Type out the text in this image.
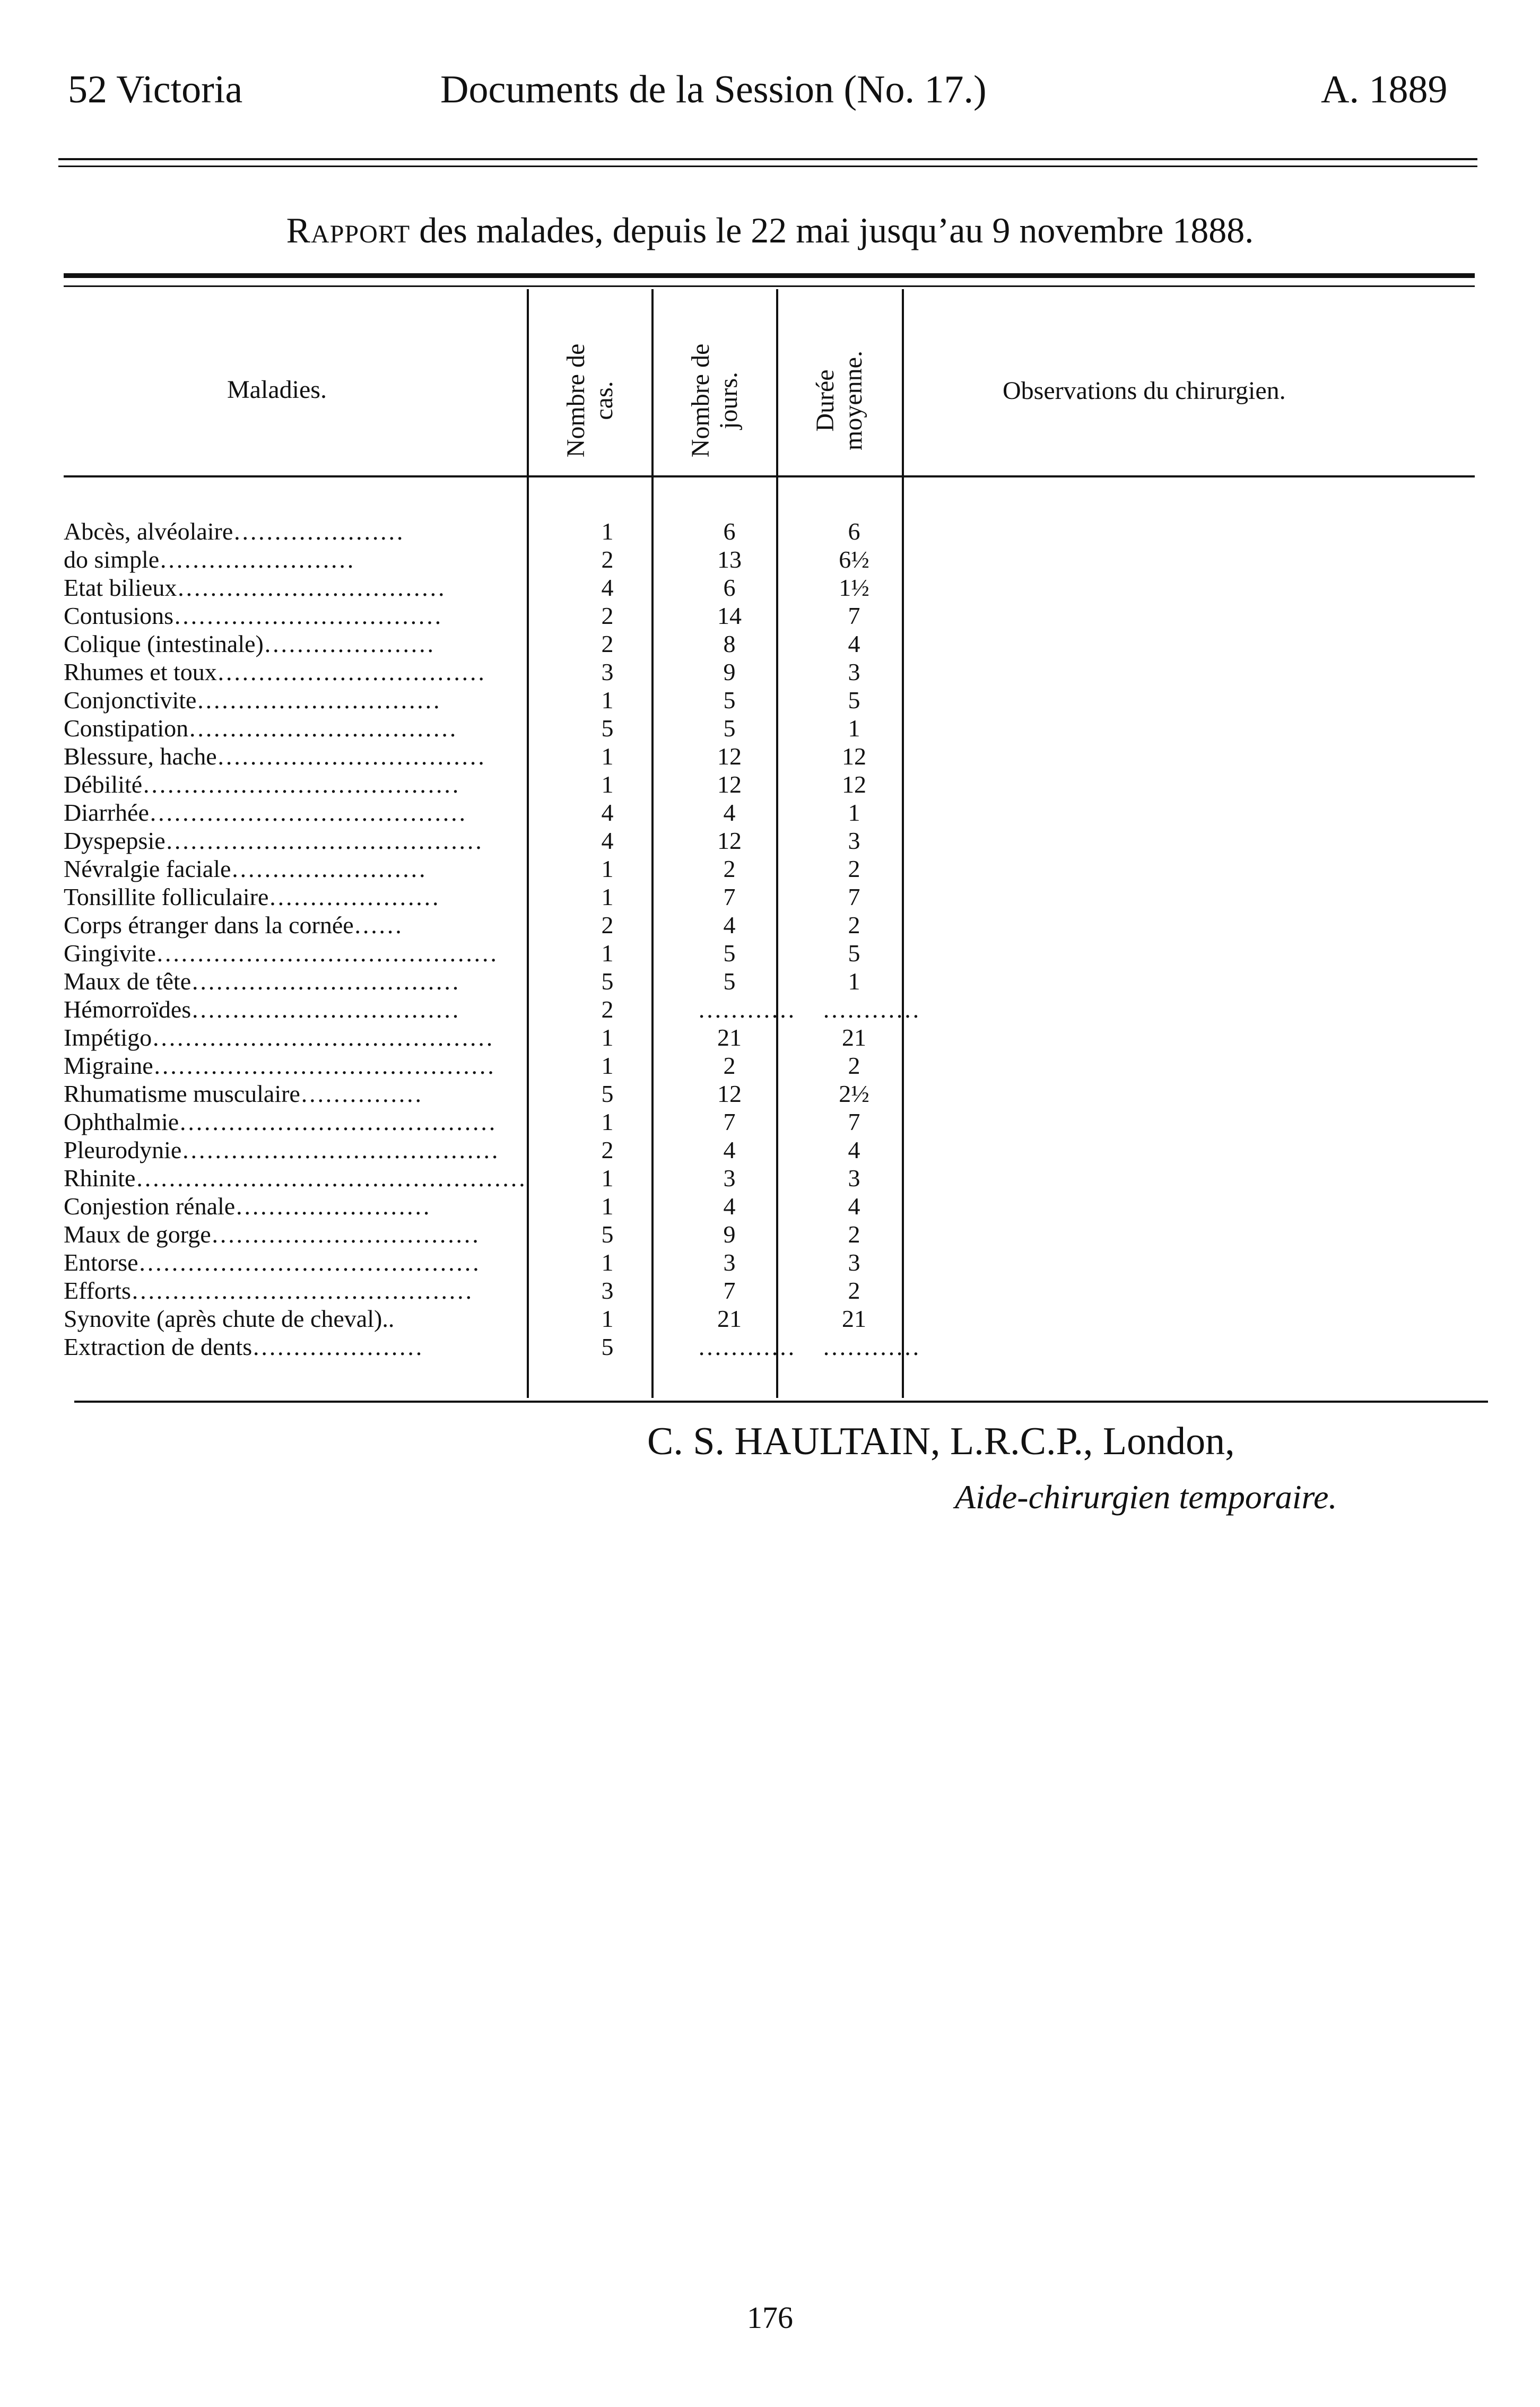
52 Victoria	Documents de la Session (No. 17.)	A. 1889
Rapport des malades, depuis le 22 mai jusqu’au 9 novembre 1888.
Maladies.	Nombre de cas.	Nombre de jours.	Durée moyenne.	Observations du chirurgien.
Abcès, alvéolaire…………………	1	6	6
do simple……………………	2	13	6½
Etat bilieux……………………………	4	6	1½
Contusions……………………………	2	14	7
Colique (intestinale)…………………	2	8	4
Rhumes et toux……………………………	3	9	3
Conjonctivite…………………………	1	5	5
Constipation……………………………	5	5	1
Blessure, hache……………………………	1	12	12
Débilité…………………………………	1	12	12
Diarrhée…………………………………	4	4	1
Dyspepsie…………………………………	4	12	3
Névralgie faciale……………………	1	2	2
Tonsillite folliculaire…………………	1	7	7
Corps étranger dans la cornée……	2	4	2
Gingivite……………………………………	1	5	5
Maux de tête……………………………	5	5	1
Hémorroïdes……………………………	2	………… …………
Impétigo……………………………………	1	21	21
Migraine……………………………………	1	2	2
Rhumatisme musculaire……………	5	12	2½
Ophthalmie…………………………………	1	7	7
Pleurodynie…………………………………	2	4	4
Rhinite…………………………………………	1	3	3
Conjestion rénale……………………	1	4	4
Maux de gorge……………………………	5	9	2
Entorse……………………………………	1	3	3
Efforts……………………………………	3	7	2
Synovite (après chute de cheval)..	1	21	21
Extraction de dents…………………	5	………… …………
C. S. HAULTAIN, L.R.C.P., London,
Aide-chirurgien temporaire.
176
